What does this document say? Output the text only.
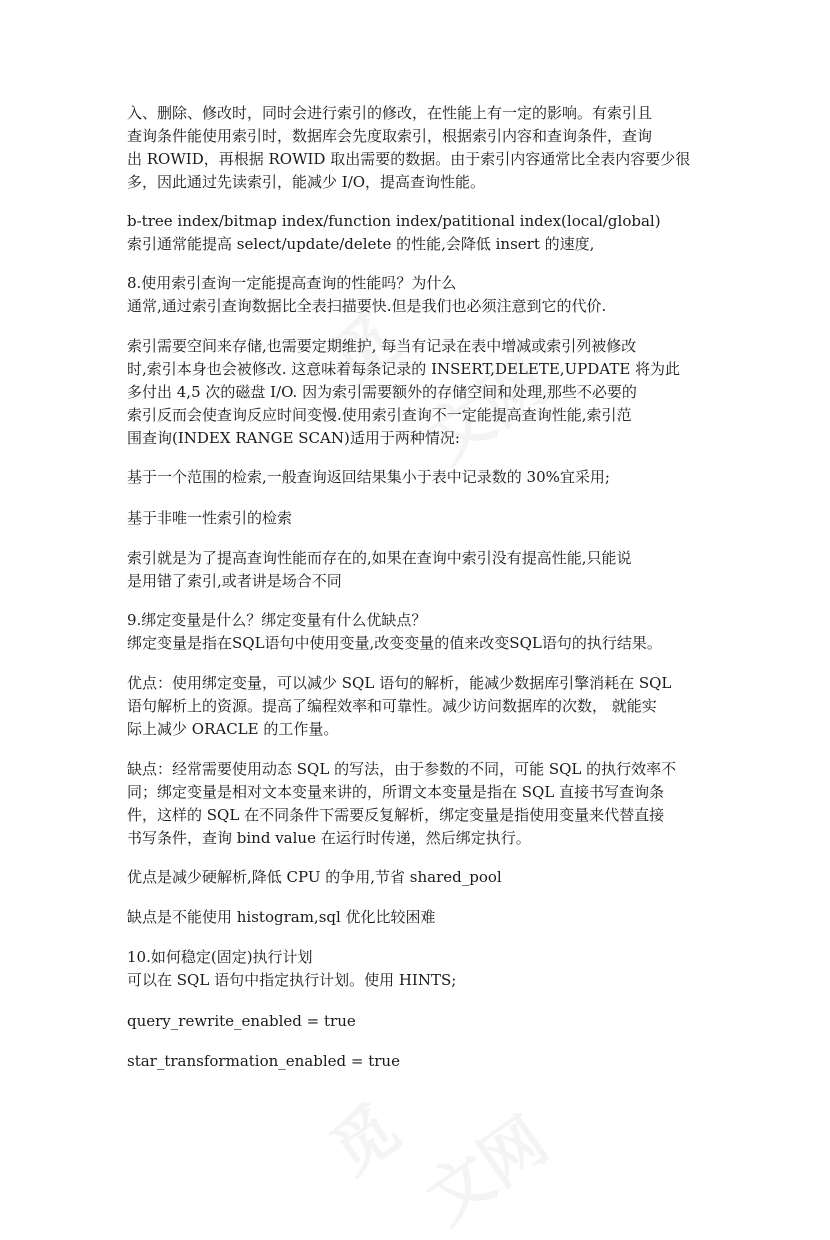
觅 文网
觅 文网
入、删除、修改时，同时会进行索引的修改，在性能上有一定的影响。有索引且
查询条件能使用索引时，数据库会先度取索引，根据索引内容和查询条件，查询
出 ROWID，再根据 ROWID 取出需要的数据。由于索引内容通常比全表内容要少很
多，因此通过先读索引，能减少 I/O，提高查询性能。
b-tree index/bitmap index/function index/patitional index(local/global)
索引通常能提高 select/update/delete 的性能,会降低 insert 的速度,
8.使用索引查询一定能提高查询的性能吗？为什么
通常,通过索引查询数据比全表扫描要快.但是我们也必须注意到它的代价.
索引需要空间来存储,也需要定期维护, 每当有记录在表中增减或索引列被修改
时,索引本身也会被修改. 这意味着每条记录的 INSERT,DELETE,UPDATE 将为此
多付出 4,5 次的磁盘 I/O. 因为索引需要额外的存储空间和处理,那些不必要的
索引反而会使查询反应时间变慢.使用索引查询不一定能提高查询性能,索引范
围查询(INDEX RANGE SCAN)适用于两种情况:
基于一个范围的检索,一般查询返回结果集小于表中记录数的 30%宜采用;
基于非唯一性索引的检索
索引就是为了提高查询性能而存在的,如果在查询中索引没有提高性能,只能说
是用错了索引,或者讲是场合不同
9.绑定变量是什么？绑定变量有什么优缺点？
绑定变量是指在SQL语句中使用变量,改变变量的值来改变SQL语句的执行结果。
优点：使用绑定变量，可以减少 SQL 语句的解析，能减少数据库引擎消耗在 SQL
语句解析上的资源。提高了编程效率和可靠性。减少访问数据库的次数， 就能实
际上减少 ORACLE 的工作量。
缺点：经常需要使用动态 SQL 的写法，由于参数的不同，可能 SQL 的执行效率不
同；绑定变量是相对文本变量来讲的，所谓文本变量是指在 SQL 直接书写查询条
件，这样的 SQL 在不同条件下需要反复解析，绑定变量是指使用变量来代替直接
书写条件，查询 bind value 在运行时传递，然后绑定执行。
优点是减少硬解析,降低 CPU 的争用,节省 shared_pool
缺点是不能使用 histogram,sql 优化比较困难
10.如何稳定(固定)执行计划
可以在 SQL 语句中指定执行计划。使用 HINTS;
query_rewrite_enabled = true
star_transformation_enabled = true
